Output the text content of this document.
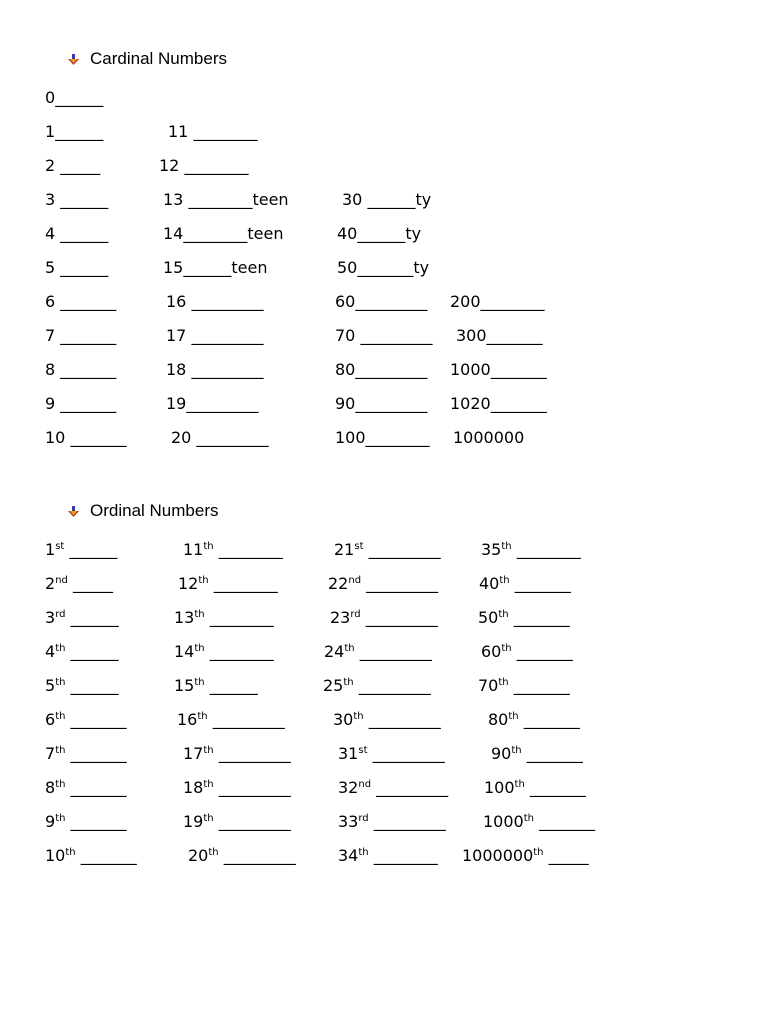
Cardinal Numbers
0______
1______	11 ________
2 _____	12 ________
3 ______	13 ________teen	30 ______ty
4 ______	14________teen	40______ty
5 ______	15______teen	50_______ty
6 _______	16 _________	60_________ 200________
7 _______	17 _________	70 _________ 300_______
8 _______	18 _________	80_________ 1000_______
9 _______	19_________	90_________ 1020_______
10 _______	20 _________	100________ 1000000
Ordinal Numbers
1st ______	11th ________	21st _________	35th ________
2nd _____	12th ________	22nd _________	40th _______
3rd ______	13th ________	23rd _________	50th _______
4th ______	14th ________	24th _________	60th _______
5th ______	15th ______	25th _________	70th _______
6th _______	16th _________	30th _________	80th _______
7th _______	17th _________	31st _________	90th _______
8th _______	18th _________	32nd _________ 100th _______
9th _______	19th _________	33rd _________ 1000th _______
10th _______	20th _________	34th ________ 1000000th _____
